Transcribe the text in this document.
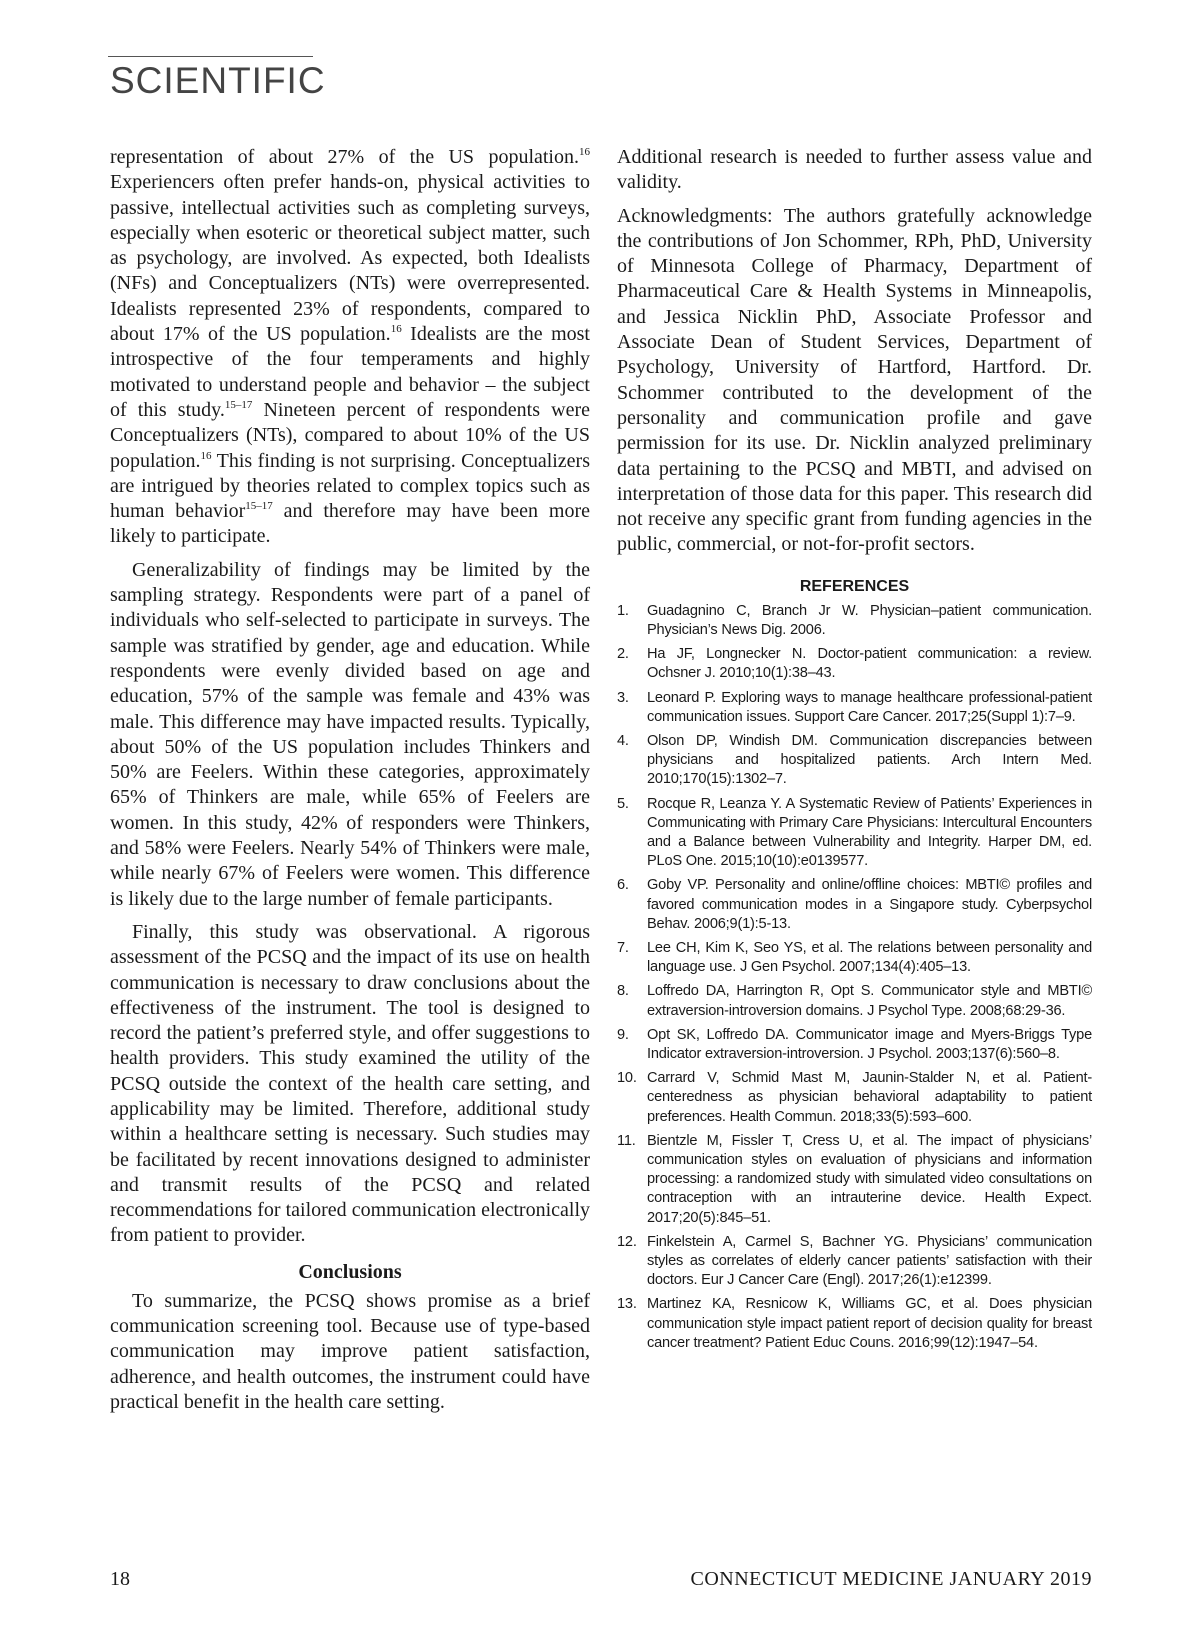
SCIENTIFIC

representation of about 27% of the US population.$^{16}$ Experiencers often prefer hands-on, physical activities to passive, intellectual activities such as completing surveys, especially when esoteric or theoretical subject matter, such as psychology, are involved. As expected, both Idealists (NFs) and Conceptualizers (NTs) were overrepresented. Idealists represented 23% of respondents, compared to about 17% of the US population.$^{16}$ Idealists are the most introspective of the four temperaments and highly motivated to understand people and behavior – the subject of this study.$^{15-17}$ Nineteen percent of respondents were Conceptualizers (NTs), compared to about 10% of the US population.$^{16}$ This finding is not surprising. Conceptualizers are intrigued by theories related to complex topics such as human behavior$^{15-17}$ and therefore may have been more likely to participate.

Generalizability of findings may be limited by the sampling strategy. Respondents were part of a panel of individuals who self-selected to participate in surveys. The sample was stratified by gender, age and education. While respondents were evenly divided based on age and education, 57% of the sample was female and 43% was male. This difference may have impacted results. Typically, about 50% of the US population includes Thinkers and 50% are Feelers. Within these categories, approximately 65% of Thinkers are male, while 65% of Feelers are women. In this study, 42% of responders were Thinkers, and 58% were Feelers. Nearly 54% of Thinkers were male, while nearly 67% of Feelers were women. This difference is likely due to the large number of female participants.

Finally, this study was observational. A rigorous assessment of the PCSQ and the impact of its use on health communication is necessary to draw conclusions about the effectiveness of the instrument. The tool is designed to record the patient’s preferred style, and offer suggestions to health providers. This study examined the utility of the PCSQ outside the context of the health care setting, and applicability may be limited. Therefore, additional study within a healthcare setting is necessary. Such studies may be facilitated by recent innovations designed to administer and transmit results of the PCSQ and related recommendations for tailored communication electronically from patient to provider.

Conclusions

To summarize, the PCSQ shows promise as a brief communication screening tool. Because use of type-based communication may improve patient satisfaction, adherence, and health outcomes, the instrument could have practical benefit in the health care setting.

Additional research is needed to further assess value and validity.

Acknowledgments: The authors gratefully acknowledge the contributions of Jon Schommer, RPh, PhD, University of Minnesota College of Pharmacy, Department of Pharmaceutical Care & Health Systems in Minneapolis, and Jessica Nicklin PhD, Associate Professor and Associate Dean of Student Services, Department of Psychology, University of Hartford, Hartford. Dr. Schommer contributed to the development of the personality and communication profile and gave permission for its use. Dr. Nicklin analyzed preliminary data pertaining to the PCSQ and MBTI, and advised on interpretation of those data for this paper. This research did not receive any specific grant from funding agencies in the public, commercial, or not-for-profit sectors.

REFERENCES
1.	Guadagnino C, Branch Jr W. Physician–patient communication. Physician’s News Dig. 2006.
2.	Ha JF, Longnecker N. Doctor-patient communication: a review. Ochsner J. 2010;10(1):38–43.
3.	Leonard P. Exploring ways to manage healthcare professional-patient communication issues. Support Care Cancer. 2017;25(Suppl 1):7–9.
4.	Olson DP, Windish DM. Communication discrepancies between physicians and hospitalized patients. Arch Intern Med. 2010;170(15):1302–7.
5.	Rocque R, Leanza Y. A Systematic Review of Patients’ Experiences in Communicating with Primary Care Physicians: Intercultural Encounters and a Balance between Vulnerability and Integrity. Harper DM, ed. PLoS One. 2015;10(10):e0139577.
6.	Goby VP. Personality and online/offline choices: MBTI© profiles and favored communication modes in a Singapore study. Cyberpsychol Behav. 2006;9(1):5-13.
7.	Lee CH, Kim K, Seo YS, et al. The relations between personality and language use. J Gen Psychol. 2007;134(4):405–13.
8.	Loffredo DA, Harrington R, Opt S. Communicator style and MBTI© extraversion-introversion domains. J Psychol Type. 2008;68:29-36.
9.	Opt SK, Loffredo DA. Communicator image and Myers-Briggs Type Indicator extraversion-introversion. J Psychol. 2003;137(6):560–8.
10. Carrard V, Schmid Mast M, Jaunin-Stalder N, et al. Patient-centeredness as physician behavioral adaptability to patient preferences. Health Commun. 2018;33(5):593–600.
11. Bientzle M, Fissler T, Cress U, et al. The impact of physicians’ communication styles on evaluation of physicians and information processing: a randomized study with simulated video consultations on contraception with an intrauterine device. Health Expect. 2017;20(5):845–51.
12. Finkelstein A, Carmel S, Bachner YG. Physicians’ communication styles as correlates of elderly cancer patients’ satisfaction with their doctors. Eur J Cancer Care (Engl). 2017;26(1):e12399.
13. Martinez KA, Resnicow K, Williams GC, et al. Does physician communication style impact patient report of decision quality for breast cancer treatment? Patient Educ Couns. 2016;99(12):1947–54.
18	CONNECTICUT MEDICINE JANUARY 2019
